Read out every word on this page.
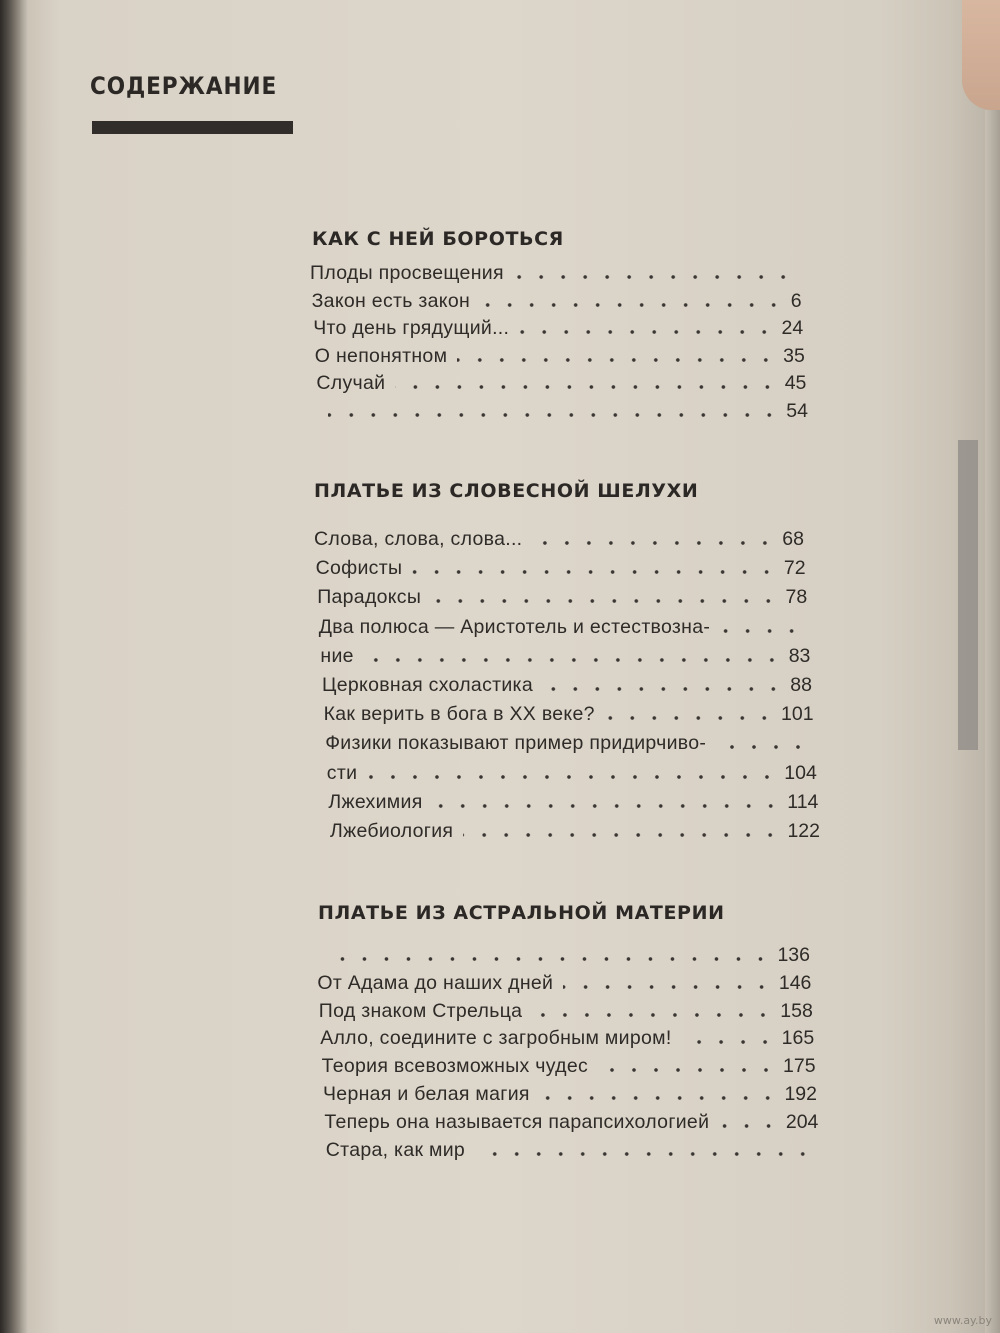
СОДЕРЖАНИЕ
КАК С НЕЙ БОРОТЬСЯ
ПЛАТЬЕ ИЗ СЛОВЕСНОЙ ШЕЛУХИ
ПЛАТЬЕ ИЗ АСТРАЛЬНОЙ МАТЕРИИ
Плоды просвещения
Закон есть закон	6
Что день грядущий...	24
О непонятном	35
Случай	45
54
Слова, слова, слова...	68
Софисты	72
Парадоксы	78
Два полюса — Аристотель и естествозна-
ние	83
Церковная схоластика	88
Как верить в бога в XX веке?	101
Физики показывают пример придирчиво-
сти	104
Лжехимия	114
Лжебиология	122
136
От Адама до наших дней	146
Под знаком Стрельца	158
Алло, соедините с загробным миром!	165
Теория всевозможных чудес	175
Черная и белая магия	192
Теперь она называется парапсихологией	204
Стара, как мир
www.ay.by
